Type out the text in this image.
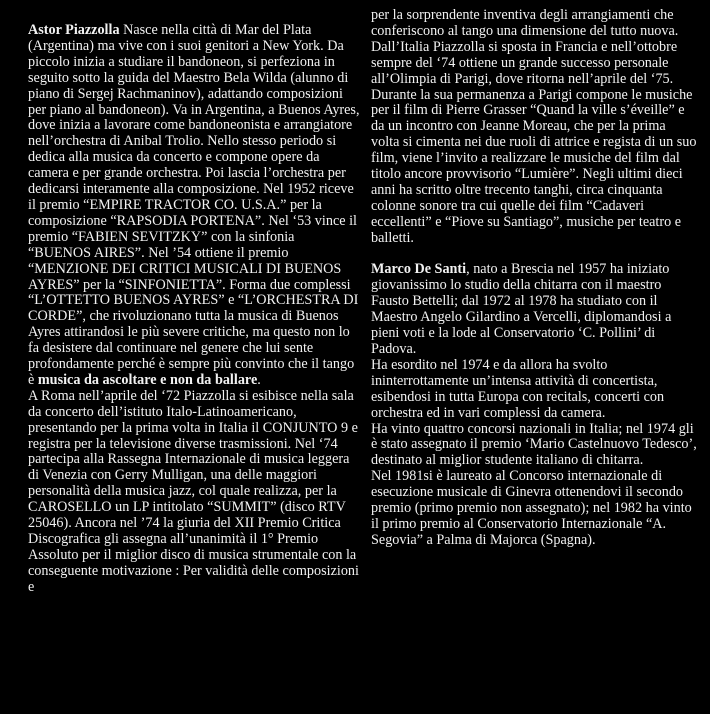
Astor Piazzolla Nasce nella città di Mar del Plata (Argentina) ma vive con i suoi genitori a New York. Da piccolo inizia a studiare il bandoneon, si perfeziona in seguito sotto la guida del Maestro Bela Wilda (alunno di piano di Sergej Rachmaninov), adattando composizioni per piano al bandoneon). Va in Argentina, a Buenos Ayres, dove inizia a lavorare come bandoneonista e arrangiatore nell’orchestra di Anibal Trolio. Nello stesso periodo si dedica alla musica da concerto e compone opere da camera e per grande orchestra. Poi lascia l’orchestra per dedicarsi interamente alla composizione. Nel 1952 riceve il premio “EMPIRE TRACTOR CO. U.S.A.” per la composizione “RAPSODIA PORTENA”. Nel ‘53 vince il premio “FABIEN SEVITZKY” con la sinfonia “BUENOS AIRES”. Nel ’54 ottiene il premio “MENZIONE DEI CRITICI MUSICALI DI BUENOS AYRES” per la “SINFONIETTA”. Forma due complessi “L’OTTETTO BUENOS AYRES” e “L’ORCHESTRA DI CORDE”, che rivoluzionano tutta la musica di Buenos Ayres attirandosi le più severe critiche, ma questo non lo fa desistere dal continuare nel genere che lui sente profondamente perché è sempre più convinto che il tango è musica da ascoltare e non da ballare.

A Roma nell’aprile del ‘72 Piazzolla si esibisce nella sala da concerto dell’istituto Italo-Latinoamericano, presentando per la prima volta in Italia il CONJUNTO 9 e registra per la televisione diverse trasmissioni. Nel ‘74 partecipa alla Rassegna Internazionale di musica leggera di Venezia con Gerry Mulligan, una delle maggiori personalità della musica jazz, col quale realizza, per la CAROSELLO un LP intitolato “SUMMIT” (disco RTV 25046). Ancora nel ’74 la giuria del XII Premio Critica Discografica gli assegna all’unanimità il 1° Premio Assoluto per il miglior disco di musica strumentale con la conseguente motivazione : Per validità delle composizioni e

per la sorprendente inventiva degli arrangiamenti che conferiscono al tango una dimensione del tutto nuova.

Dall’Italia Piazzolla si sposta in Francia e nell’ottobre sempre del ‘74 ottiene un grande successo personale all’Olimpia di Parigi, dove ritorna nell’aprile del ‘75. Durante la sua permanenza a Parigi compone le musiche per il film di Pierre Grasser “Quand la ville s’éveille” e da un incontro con Jeanne Moreau, che per la prima volta si cimenta nei due ruoli di attrice e regista di un suo film, viene l’invito a realizzare le musiche del film dal titolo ancore provvisorio “Lumière”. Negli ultimi dieci anni ha scritto oltre trecento tanghi, circa cinquanta colonne sonore tra cui quelle dei film “Cadaveri eccellenti” e “Piove su Santiago”, musiche per teatro e balletti.

Marco De Santi, nato a Brescia nel 1957 ha iniziato giovanissimo lo studio della chitarra con il maestro Fausto Bettelli; dal 1972 al 1978 ha studiato con il Maestro Angelo Gilardino a Vercelli, diplomandosi a pieni voti e la lode al Conservatorio ‘C. Pollini’ di Padova.

Ha esordito nel 1974 e da allora ha svolto ininterrottamente un’intensa attività di concertista, esibendosi in tutta Europa con recitals, concerti con orchestra ed in vari complessi da camera.

Ha vinto quattro concorsi nazionali in Italia; nel 1974 gli è stato assegnato il premio ‘Mario Castelnuovo Tedesco’, destinato al miglior studente italiano di chitarra.

Nel 1981si è laureato al Concorso internazionale di esecuzione musicale di Ginevra ottenendovi il secondo premio (primo premio non assegnato); nel 1982 ha vinto il primo premio al Conservatorio Internazionale “A. Segovia” a Palma di Majorca (Spagna).
